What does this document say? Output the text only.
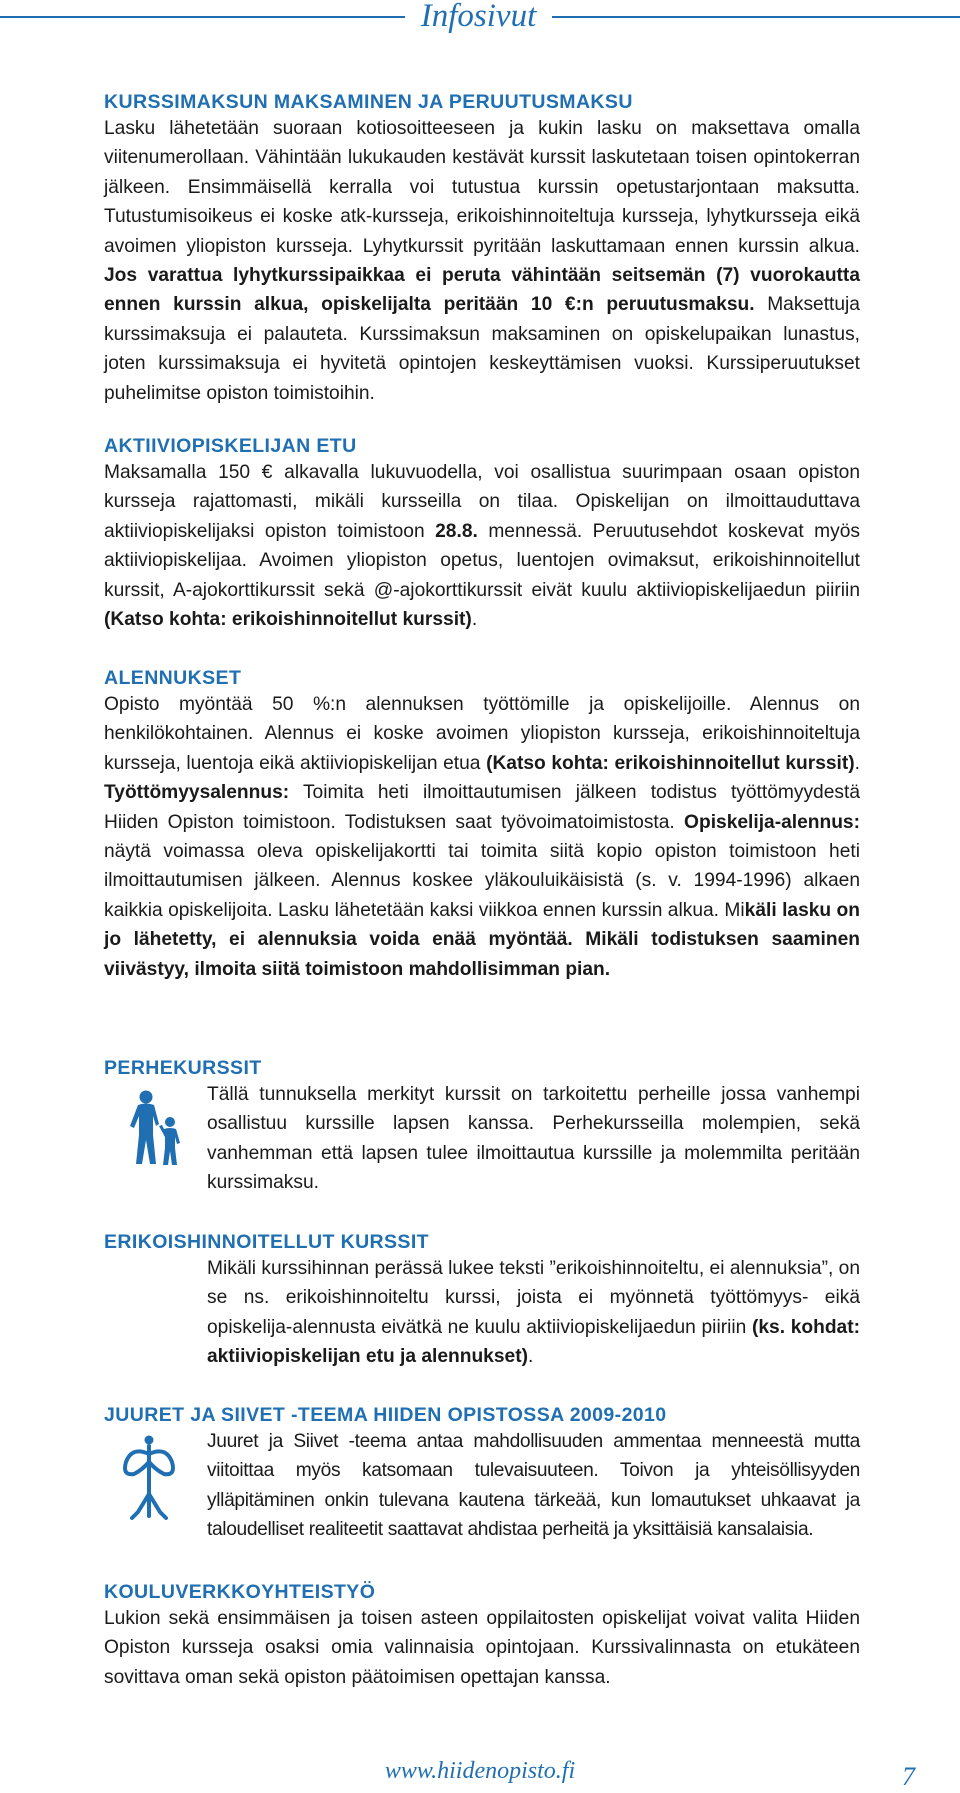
Infosivut
KURSSIMAKSUN MAKSAMINEN JA PERUUTUSMAKSU

Lasku lähetetään suoraan kotiosoitteeseen ja kukin lasku on maksettava omalla viitenumerollaan. Vähintään lukukauden kestävät kurssit laskutetaan toisen opintokerran jälkeen. Ensimmäisellä kerralla voi tutustua kurssin opetustarjontaan maksutta. Tutustumisoikeus ei koske atk-kursseja, erikoishinnoiteltuja kursseja, lyhytkursseja eikä avoimen yliopiston kursseja. Lyhytkurssit pyritään laskuttamaan ennen kurssin alkua. Jos varattua lyhytkurssipaikkaa ei peruta vähintään seitsemän (7) vuorokautta ennen kurssin alkua, opiskelijalta peritään 10 €:n peruutusmaksu. Maksettuja kurssimaksuja ei palauteta. Kurssimaksun maksaminen on opiskelupaikan lunastus, joten kurssimaksuja ei hyvitetä opintojen keskeyttämisen vuoksi. Kurssiperuutukset puhelimitse opiston toimistoihin.

AKTIIVIOPISKELIJAN ETU

Maksamalla 150 € alkavalla lukuvuodella, voi osallistua suurimpaan osaan opiston kursseja rajattomasti, mikäli kursseilla on tilaa. Opiskelijan on ilmoittauduttava aktiiviopiskelijaksi opiston toimistoon 28.8. mennessä. Peruutusehdot koskevat myös aktiiviopiskelijaa. Avoimen yliopiston opetus, luentojen ovimaksut, erikoishinnoitellut kurssit, A-ajokorttikurssit sekä @-ajokorttikurssit eivät kuulu aktiiviopiskelijaedun piiriin (Katso kohta: erikoishinnoitellut kurssit).

ALENNUKSET

Opisto myöntää 50 %:n alennuksen työttömille ja opiskelijoille. Alennus on henkilökohtainen. Alennus ei koske avoimen yliopiston kursseja, erikoishinnoiteltuja kursseja, luentoja eikä aktiiviopiskelijan etua (Katso kohta: erikoishinnoitellut kurssit). Työttömyysalennus: Toimita heti ilmoittautumisen jälkeen todistus työttömyydestä Hiiden Opiston toimistoon. Todistuksen saat työvoimatoimistosta. Opiskelija-alennus: näytä voimassa oleva opiskelijakortti tai toimita siitä kopio opiston toimistoon heti ilmoittautumisen jälkeen. Alennus koskee yläkouluikäisistä (s. v. 1994-1996) alkaen kaikkia opiskelijoita. Lasku lähetetään kaksi viikkoa ennen kurssin alkua. Mikäli lasku on jo lähetetty, ei alennuksia voida enää myöntää. Mikäli todistuksen saaminen viivästyy, ilmoita siitä toimistoon mahdollisimman pian.

PERHEKURSSIT

Tällä tunnuksella merkityt kurssit on tarkoitettu perheille jossa vanhempi osallistuu kurssille lapsen kanssa. Perhekursseilla molempien, sekä vanhemman että lapsen tulee ilmoittautua kurssille ja molemmilta peritään kurssimaksu.

ERIKOISHINNOITELLUT KURSSIT

Mikäli kurssihinnan perässä lukee teksti ”erikoishinnoiteltu, ei alennuksia”, on se ns. erikoishinnoiteltu kurssi, joista ei myönnetä työttömyys- eikä opiskelija-alennusta eivätkä ne kuulu aktiiviopiskelijaedun piiriin (ks. kohdat: aktiiviopiskelijan etu ja alennukset).

JUURET JA SIIVET -TEEMA HIIDEN OPISTOSSA 2009-2010

Juuret ja Siivet -teema antaa mahdollisuuden ammentaa menneestä mutta viitoittaa myös katsomaan tulevaisuuteen. Toivon ja yhteisöllisyyden ylläpitäminen onkin tulevana kautena tärkeää, kun lomautukset uhkaavat ja taloudelliset realiteetit saattavat ahdistaa perheitä ja yksittäisiä kansalaisia.

KOULUVERKKOYHTEISTYÖ

Lukion sekä ensimmäisen ja toisen asteen oppilaitosten opiskelijat voivat valita Hiiden Opiston kursseja osaksi omia valinnaisia opintojaan. Kurssivalinnasta on etukäteen sovittava oman sekä opiston päätoimisen opettajan kanssa.

www.hiidenopisto.fi	7
